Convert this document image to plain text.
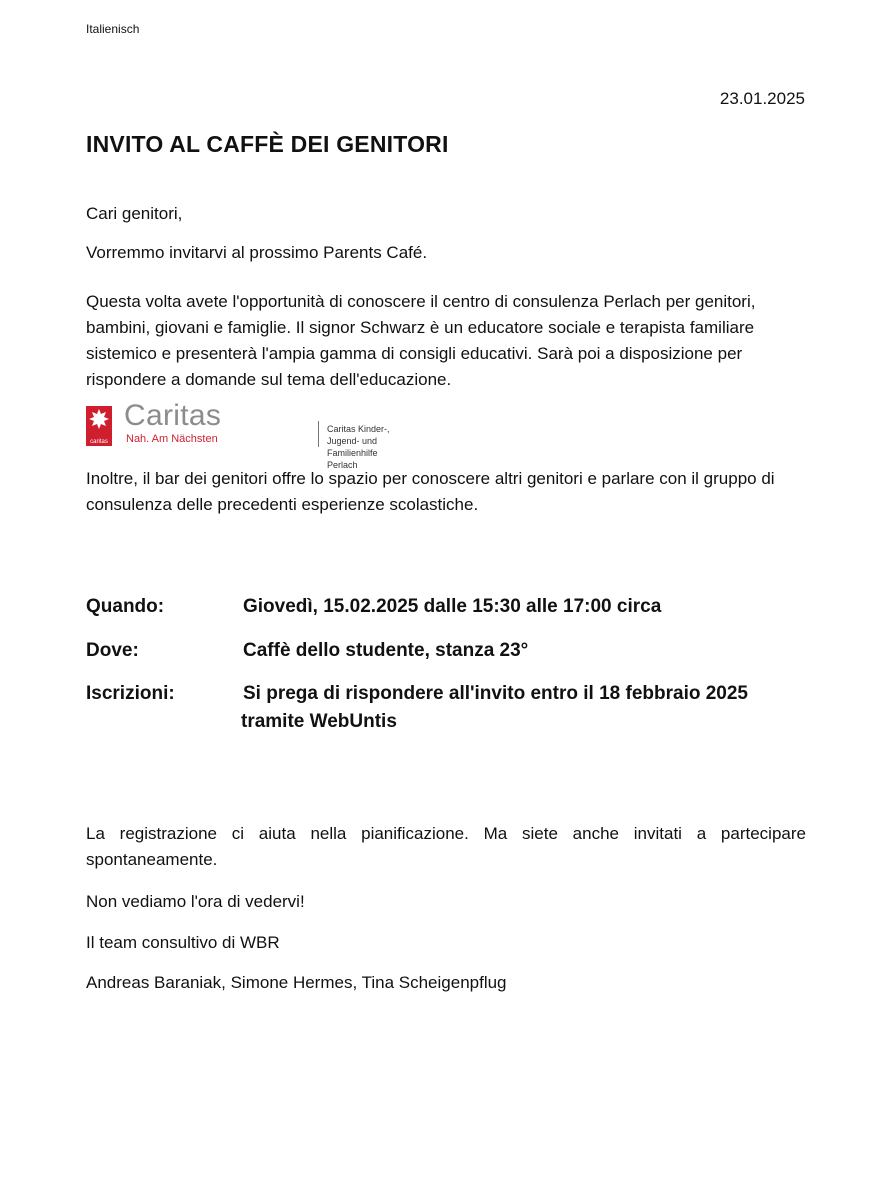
Italienisch
23.01.2025
INVITO AL CAFFÈ DEI GENITORI
Cari genitori,
Vorremmo invitarvi al prossimo Parents Café.
Questa volta avete l'opportunità di conoscere il centro di consulenza Perlach per genitori, bambini, giovani e famiglie. Il signor Schwarz è un educatore sociale e terapista familiare sistemico e presenterà l'ampia gamma di consigli educativi. Sarà poi a disposizione per rispondere a domande sul tema dell'educazione.
caritas
Caritas
Nah. Am Nächsten
Caritas Kinder-, Jugend- und
Familienhilfe Perlach
Inoltre, il bar dei genitori offre lo spazio per conoscere altri genitori e parlare con il gruppo di consulenza delle precedenti esperienze scolastiche.
Quando:	Giovedì, 15.02.2025 dalle 15:30 alle 17:00 circa
Dove:	Caffè dello studente, stanza 23°
Iscrizioni:	Si prega di rispondere all'invito entro il 18 febbraio 2025
tramite WebUntis
La registrazione ci aiuta nella pianificazione. Ma siete anche invitati a partecipare spontaneamente.
Non vediamo l'ora di vedervi!
Il team consultivo di WBR
Andreas Baraniak, Simone Hermes, Tina Scheigenpflug
